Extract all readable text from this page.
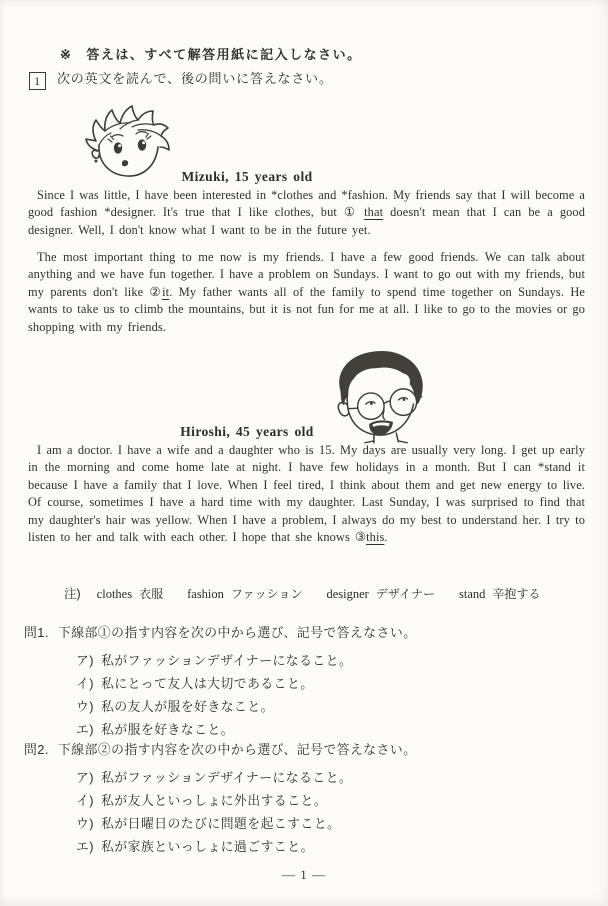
※ 答えは、すべて解答用紙に記入しなさい。
1 次の英文を読んで、後の問いに答えなさい。
Mizuki, 15 years old

Since I was little, I have been interested in *clothes and *fashion. My friends say that I will become a good fashion *designer. It's true that I like clothes, but ① that doesn't mean that I can be a good designer. Well, I don't know what I want to be in the future yet.

The most important thing to me now is my friends. I have a few good friends. We can talk about anything and we have fun together. I have a problem on Sundays. I want to go out with my friends, but my parents don't like ②it. My father wants all of the family to spend time together on Sundays. He wants to take us to climb the mountains, but it is not fun for me at all. I like to go to the movies or go shopping with my friends.

Hiroshi, 45 years old

I am a doctor. I have a wife and a daughter who is 15. My days are usually very long. I get up early in the morning and come home late at night. I have few holidays in a month. But I can *stand it because I have a family that I love. When I feel tired, I think about them and get new energy to live. Of course, sometimes I have a hard time with my daughter. Last Sunday, I was surprised to find that my daughter's hair was yellow. When I have a problem, I always do my best to understand her. I try to listen to her and talk with each other. I hope that she knows ③this.

注) clothes 衣服 fashion ファッション designer デザイナー stand 辛抱する
問1. 下線部①の指す内容を次の中から選び、記号で答えなさい。
ア) 私がファッションデザイナーになること。
イ) 私にとって友人は大切であること。
ウ) 私の友人が服を好きなこと。
エ) 私が服を好きなこと。
問2. 下線部②の指す内容を次の中から選び、記号で答えなさい。
ア) 私がファッションデザイナーになること。
イ) 私が友人といっしょに外出すること。
ウ) 私が日曜日のたびに問題を起こすこと。
エ) 私が家族といっしょに過ごすこと。
— 1 —
